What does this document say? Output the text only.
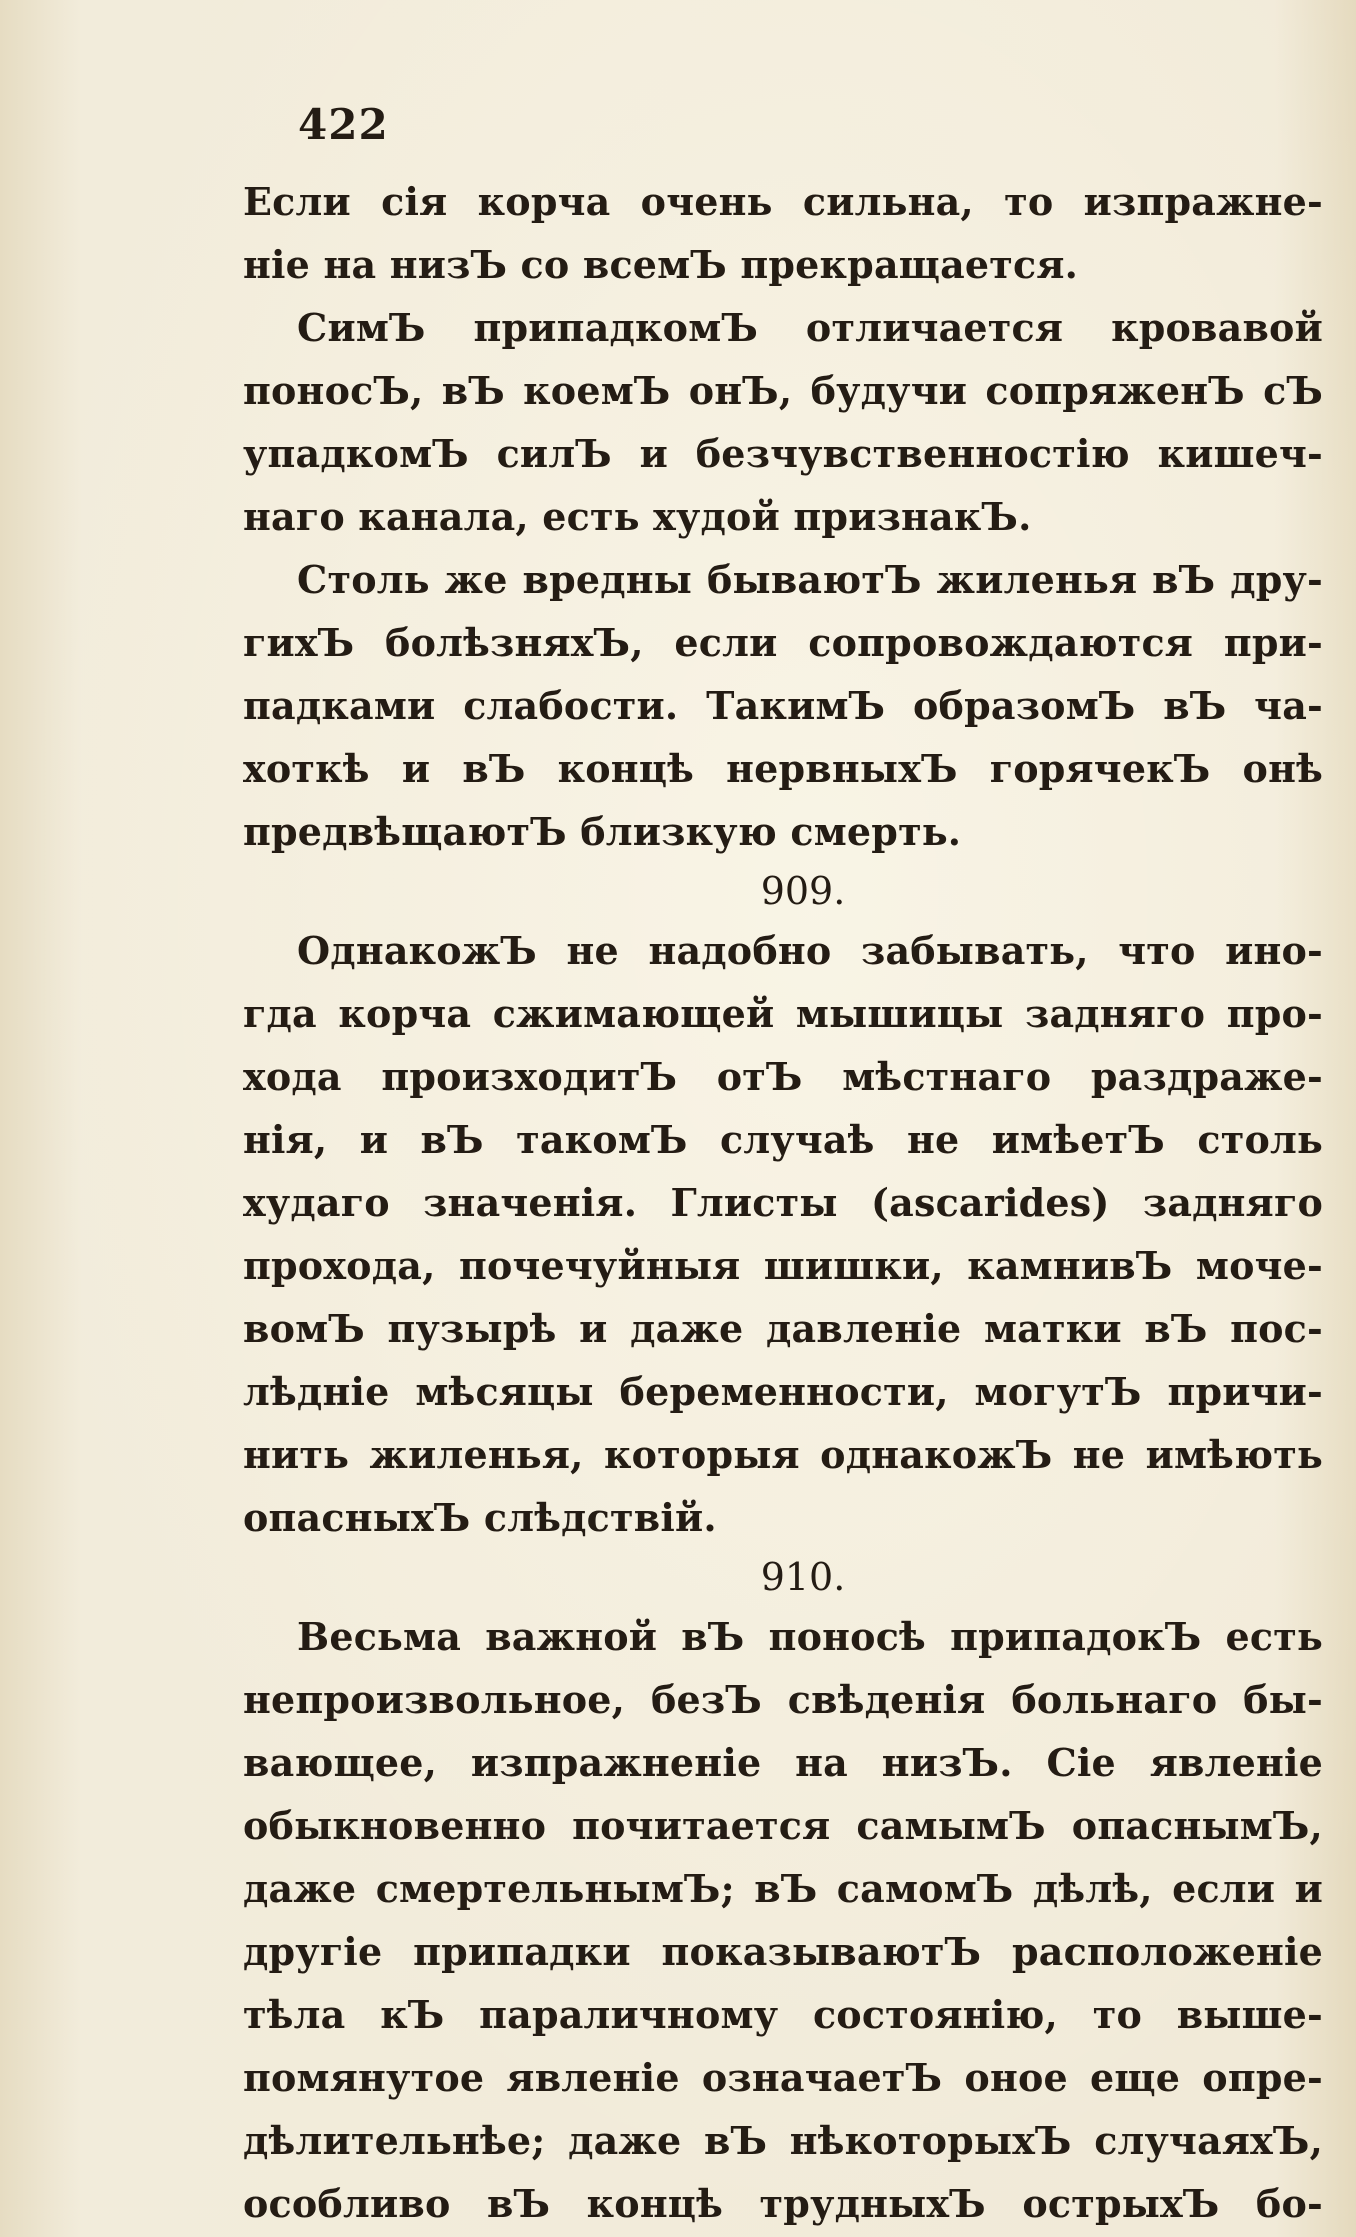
422
Если сія корча очень сильна, то изпражне-
ніе на низЪ со всемЪ прекращается.
СимЪ припадкомЪ отличается кровавой
поносЪ, вЪ коемЪ онЪ, будучи сопряженЪ сЪ
упадкомЪ силЪ и безчувственностію кишеч-
наго канала, есть худой признакЪ.
Столь же вредны бываютЪ жиленья вЪ дру-
гихЪ болѣзняхЪ, если сопровождаются при-
падками слабости. ТакимЪ образомЪ вЪ ча-
хоткѣ и вЪ концѣ нервныхЪ горячекЪ онѣ
предвѣщаютЪ близкую смерть.
909.
ОднакожЪ не надобно забывать, что ино-
гда корча сжимающей мышицы задняго про-
хода произходитЪ отЪ мѣстнаго раздраже-
нія, и вЪ такомЪ случаѣ не имѣетЪ столь
худаго значенія. Глисты (ascarides) задняго
прохода, почечуйныя шишки, камнивЪ моче-
вомЪ пузырѣ и даже давленіе матки вЪ пос-
лѣдніе мѣсяцы беременности, могутЪ причи-
нить жиленья, которыя однакожЪ не имѣють
опасныхЪ слѣдствій.
910.
Весьма важной вЪ поносѣ припадокЪ есть
непроизвольное, безЪ свѣденія больнаго бы-
вающее, изпражненіе на низЪ. Сіе явленіе
обыкновенно почитается самымЪ опаснымЪ,
даже смертельнымЪ; вЪ самомЪ дѣлѣ, если и
другіе припадки показываютЪ расположеніе
тѣла кЪ параличному состоянію, то выше-
помянутое явленіе означаетЪ оное еще опре-
дѣлительнѣе; даже вЪ нѣкоторыхЪ случаяхЪ,
особливо вЪ концѣ трудныхЪ острыхЪ бо-
